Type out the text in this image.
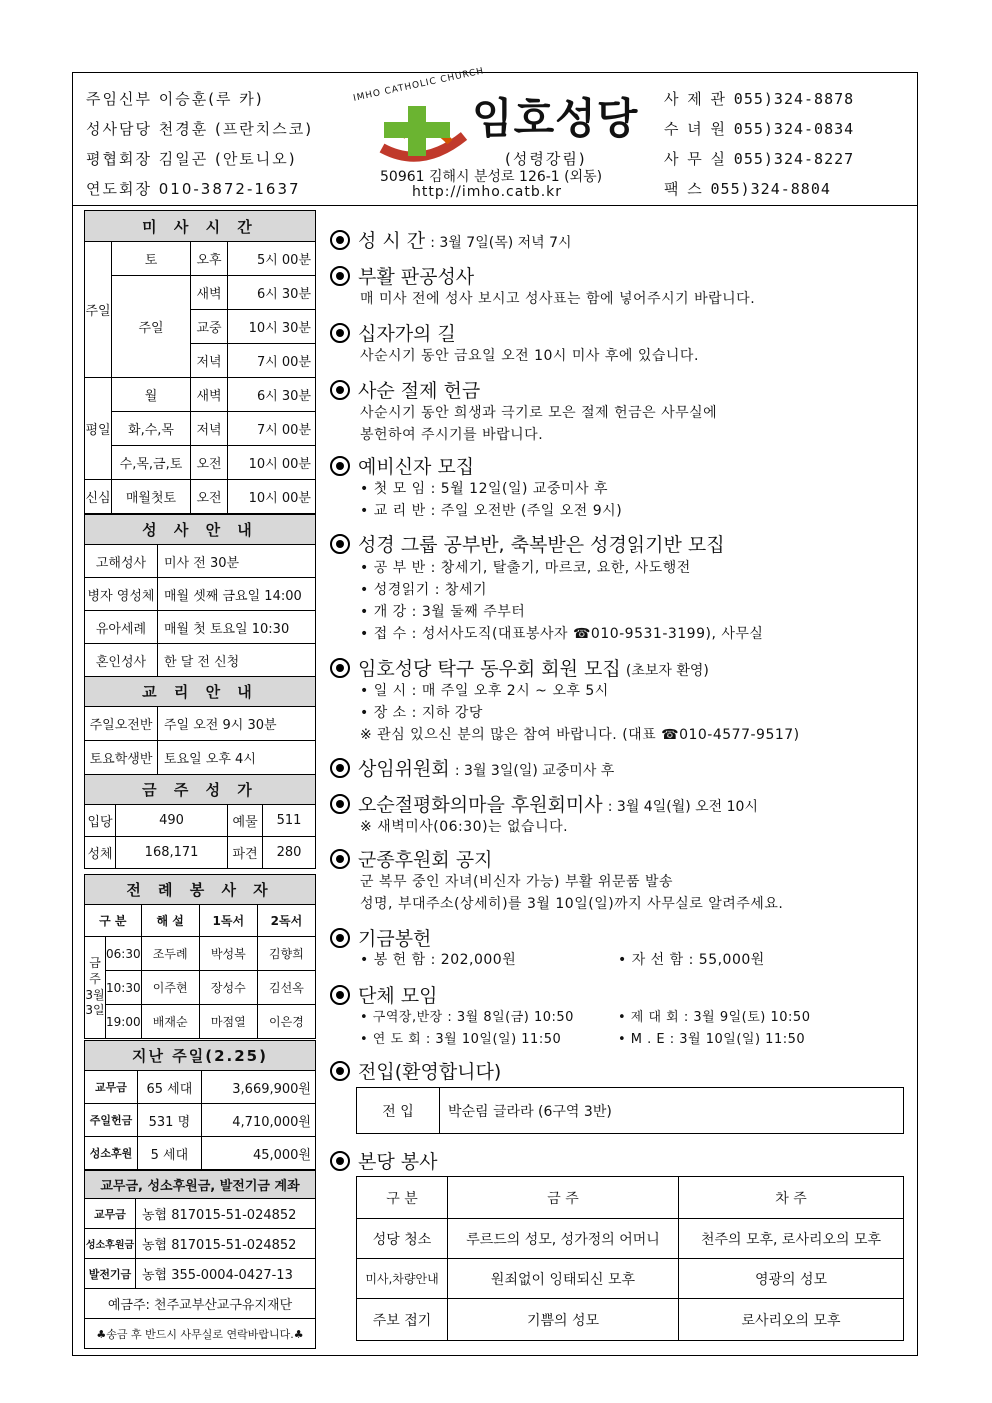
주임신부 이승훈(루 카)
성사담당 천경훈 (프란치스코)
평협회장 김일곤 (안토니오)
연도회장 010-3872-1637
IMHO CATHOLIC CHURCH
임호성당
(성령강림)
50961 김해시 분성로 126-1 (외동)
http://imho.catb.kr
사 제 관 055)324-8878
수 녀 원 055)324-0834
사 무 실 055)324-8227
팩 스 055)324-8804
미 사 시 간			
주일	토	오후	5시 00분
	주일	새벽	6시 30분
		교중	10시 30분
		저녁	7시 00분
평일	월	새벽	6시 30분
	화,수,목	저녁	7시 00분
	수,목,금,토	오전	10시 00분
신심	매월첫토	오전	10시 00분
성 사 안 내	
고해성사	미사 전 30분
병자 영성체	매월 셋째 금요일 14:00
유아세례	매월 첫 토요일 10:30
혼인성사	한 달 전 신청
교 리 안 내	
주일오전반	주일 오전 9시 30분
토요학생반	토요일 오후 4시
금 주 성 가			
입당	490	예물	511
성체	168,171	파견	280
전 례 봉 사 자				
구 분		해 설	1독서	2독서
금주 3월 3일	06:30	조두례	박성복	김향희
	10:30	이주현	장성수	김선옥
	19:00	배재순	마점열	이은경
지난 주일(2.25)		
교무금	65 세대	3,669,900원
주일헌금	531 명	4,710,000원
성소후원	5 세대	45,000원
교무금, 성소후원금, 발전기금 계좌	
교무금	농협 817015-51-024852
성소후원금	농협 817015-51-024852
발전기금	농협 355-0004-0427-13
예금주: 천주교부산교구유지재단	
♣송금 후 반드시 사무실로 연락바랍니다.♣	
성 시 간 : 3월 7일(목) 저녁 7시
부활 판공성사
매 미사 전에 성사 보시고 성사표는 함에 넣어주시기 바랍니다.
십자가의 길
사순시기 동안 금요일 오전 10시 미사 후에 있습니다.
사순 절제 헌금
사순시기 동안 희생과 극기로 모은 절제 헌금은 사무실에
봉헌하여 주시기를 바랍니다.
예비신자 모집
• 첫 모 임 : 5월 12일(일) 교중미사 후
• 교 리 반 : 주일 오전반 (주일 오전 9시)
성경 그룹 공부반, 축복받은 성경읽기반 모집
• 공 부 반 : 창세기, 탈출기, 마르코, 요한, 사도행전
• 성경읽기 : 창세기
• 개 강 : 3월 둘째 주부터
• 접 수 : 성서사도직(대표봉사자 ☎010-9531-3199), 사무실
임호성당 탁구 동우회 회원 모집 (초보자 환영)
• 일 시 : 매 주일 오후 2시 ~ 오후 5시
• 장 소 : 지하 강당
※ 관심 있으신 분의 많은 참여 바랍니다. (대표 ☎010-4577-9517)
상임위원회 : 3월 3일(일) 교중미사 후
오순절평화의마을 후원회미사 : 3월 4일(월) 오전 10시
※ 새벽미사(06:30)는 없습니다.
군종후원회 공지
군 복무 중인 자녀(비신자 가능) 부활 위문품 발송
성명, 부대주소(상세히)를 3월 10일(일)까지 사무실로 알려주세요.
기금봉헌
• 봉 헌 함 : 202,000원	• 자 선 함 : 55,000원
단체 모임
• 구역장,반장 : 3월 8일(금) 10:50	• 제 대 회 : 3월 9일(토) 10:50
• 연 도 회 : 3월 10일(일) 11:50	• M . E : 3월 10일(일) 11:50
전입(환영합니다)
전 입	박순림 글라라 (6구역 3반)
본당 봉사
구 분	금 주	차 주
성당 청소	루르드의 성모, 성가정의 어머니	천주의 모후, 로사리오의 모후
미사,차량안내	원죄없이 잉태되신 모후	영광의 성모
주보 접기	기쁨의 성모	로사리오의 모후
